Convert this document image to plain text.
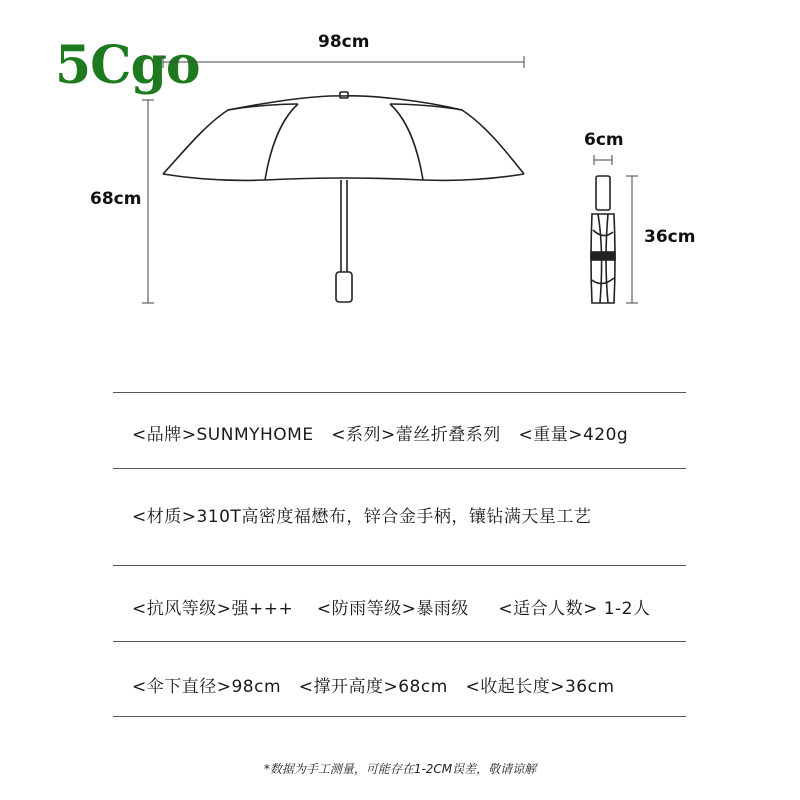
5Cgo	98cm
68cm
6cm
36cm
<品牌>SUNMYHOME   <系列>蕾丝折叠系列   <重量>420g
<材质>310T高密度福懋布，锌合金手柄，镶钻满天星工艺
<抗风等级>强+++    <防雨等级>暴雨级     <适合人数> 1-2人
<伞下直径>98cm   <撑开高度>68cm   <收起长度>36cm
*数据为手工测量，可能存在1-2CM误差，敬请谅解
